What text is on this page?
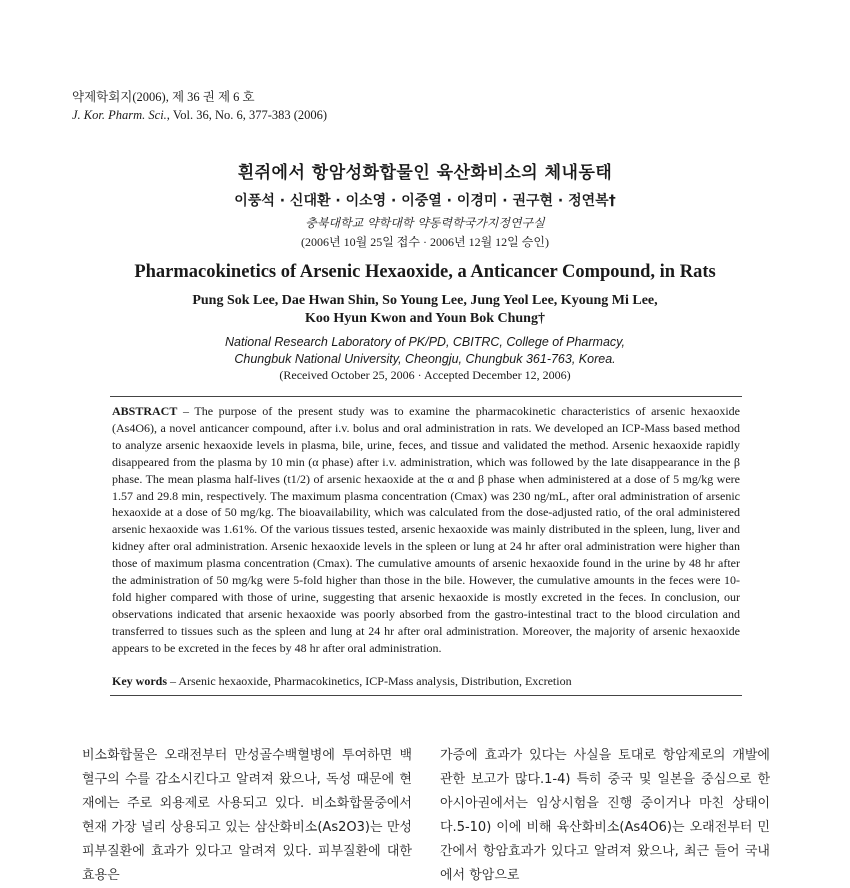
약제학회지(2006), 제 36 권 제 6 호
J. Kor. Pharm. Sci., Vol. 36, No. 6, 377-383 (2006)
흰쥐에서 항암성화합물인 육산화비소의 체내동태
이풍석 · 신대환 · 이소영 · 이중열 · 이경미 · 권구현 · 정연복†
충북대학교 약학대학 약동력학국가지정연구실
(2006년 10월 25일 접수 · 2006년 12월 12일 승인)
Pharmacokinetics of Arsenic Hexaoxide, a Anticancer Compound, in Rats
Pung Sok Lee, Dae Hwan Shin, So Young Lee, Jung Yeol Lee, Kyoung Mi Lee,
Koo Hyun Kwon and Youn Bok Chung†
National Research Laboratory of PK/PD, CBITRC, College of Pharmacy,
Chungbuk National University, Cheongju, Chungbuk 361-763, Korea.
(Received October 25, 2006 · Accepted December 12, 2006)
ABSTRACT – The purpose of the present study was to examine the pharmacokinetic characteristics of arsenic hexaoxide (As4O6), a novel anticancer compound, after i.v. bolus and oral administration in rats. We developed an ICP-Mass based method to analyze arsenic hexaoxide levels in plasma, bile, urine, feces, and tissue and validated the method. Arsenic hexaoxide rapidly disappeared from the plasma by 10 min (α phase) after i.v. administration, which was followed by the late disappearance in the β phase. The mean plasma half-lives (t1/2) of arsenic hexaoxide at the α and β phase when administered at a dose of 5 mg/kg were 1.57 and 29.8 min, respectively. The maximum plasma concentration (Cmax) was 230 ng/mL, after oral administration of arsenic hexaoxide at a dose of 50 mg/kg. The bioavailability, which was calculated from the dose-adjusted ratio, of the oral administered arsenic hexaoxide was 1.61%. Of the various tissues tested, arsenic hexaoxide was mainly distributed in the spleen, lung, liver and kidney after oral administration. Arsenic hexaoxide levels in the spleen or lung at 24 hr after oral administration were higher than those of maximum plasma concentration (Cmax). The cumulative amounts of arsenic hexaoxide found in the urine by 48 hr after the administration of 50 mg/kg were 5-fold higher than those in the bile. However, the cumulative amounts in the feces were 10-fold higher compared with those of urine, suggesting that arsenic hexaoxide is mostly excreted in the feces. In conclusion, our observations indicated that arsenic hexaoxide was poorly absorbed from the gastro-intestinal tract to the blood circulation and transferred to tissues such as the spleen and lung at 24 hr after oral administration. Moreover, the majority of arsenic hexaoxide appears to be excreted in the feces by 48 hr after oral administration.
Key words – Arsenic hexaoxide, Pharmacokinetics, ICP-Mass analysis, Distribution, Excretion
비소화합물은 오래전부터 만성골수백혈병에 투여하면 백혈구의 수를 감소시킨다고 알려져 왔으나, 독성 때문에 현재에는 주로 외용제로 사용되고 있다. 비소화합물중에서 현재 가장 널리 상용되고 있는 삼산화비소(As2O3)는 만성피부질환에 효과가 있다고 알려져 있다. 피부질환에 대한 효용은
가증에 효과가 있다는 사실을 토대로 항암제로의 개발에 관한 보고가 많다.1-4) 특히 중국 및 일본을 중심으로 한 아시아권에서는 임상시험을 진행 중이거나 마친 상태이다.5-10) 이에 비해 육산화비소(As4O6)는 오래전부터 민간에서 항암효과가 있다고 알려져 왔으나, 최근 들어 국내에서 항암으로
